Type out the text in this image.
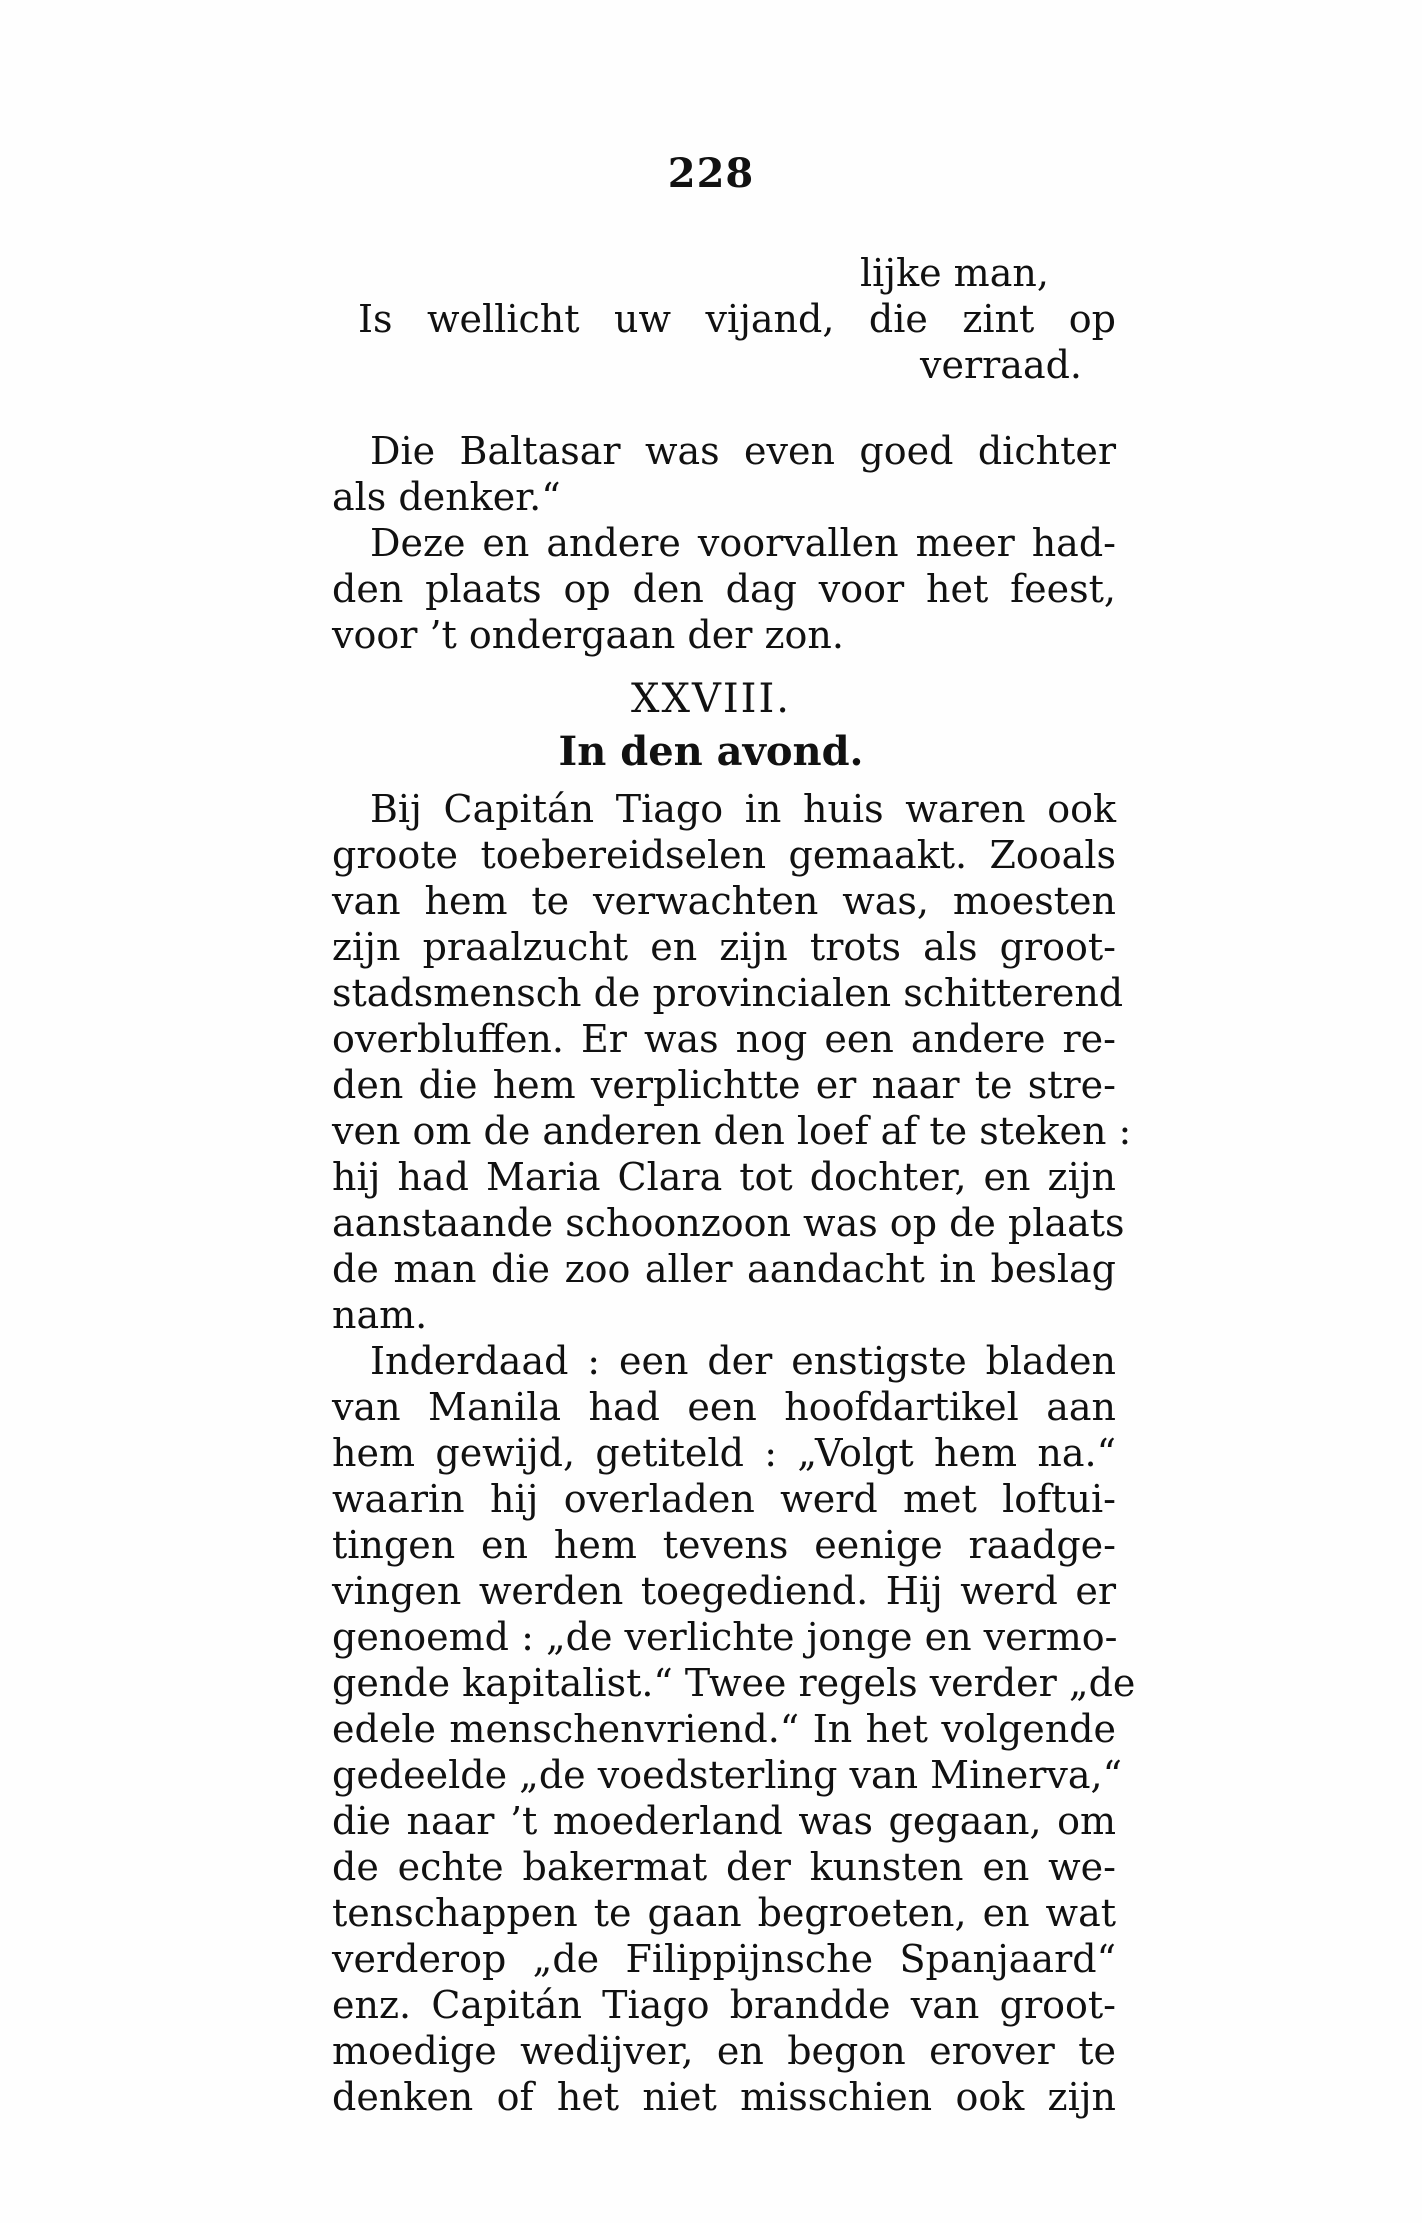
228
lijke man,
Is wellicht uw vijand, die zint op
verraad.
Die Baltasar was even goed dichter
als denker.“
Deze en andere voorvallen meer had-
den plaats op den dag voor het feest,
voor ’t ondergaan der zon.
XXVIII.
In den avond.
Bij Capitán Tiago in huis waren ook
groote toebereidselen gemaakt. Zooals
van hem te verwachten was, moesten
zijn praalzucht en zijn trots als groot-
stadsmensch de provincialen schitterend
overbluffen. Er was nog een andere re-
den die hem verplichtte er naar te stre-
ven om de anderen den loef af te steken :
hij had Maria Clara tot dochter, en zijn
aanstaande schoonzoon was op de plaats
de man die zoo aller aandacht in beslag
nam.
Inderdaad : een der enstigste bladen
van Manila had een hoofdartikel aan
hem gewijd, getiteld : „Volgt hem na.“
waarin hij overladen werd met loftui-
tingen en hem tevens eenige raadge-
vingen werden toegediend. Hij werd er
genoemd : „de verlichte jonge en vermo-
gende kapitalist.“ Twee regels verder „de
edele menschenvriend.“ In het volgende
gedeelde „de voedsterling van Minerva,“
die naar ’t moederland was gegaan, om
de echte bakermat der kunsten en we-
tenschappen te gaan begroeten, en wat
verderop „de Filippijnsche Spanjaard“
enz. Capitán Tiago brandde van groot-
moedige wedijver, en begon erover te
denken of het niet misschien ook zijn
